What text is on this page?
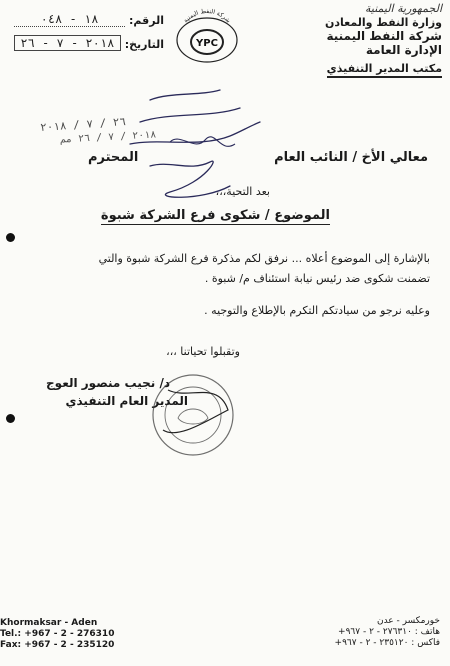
الجمهورية اليمنية
وزارة النفط والمعادن
شركة النفط اليمنية
الإدارة العامة
مكتب المدير التنفيذي
YPC
شركة النفط اليمنية
الرقم:
١٨ - ٠٤٨
التاريخ:
٢٠١٨ - ٧ - ٢٦
٢٦ / ٧ / ٢٠١٨
٢٠١٨ / ٧ / ٢٦ مم
معالي الأخ / النائب العام
المحترم
بعد التحية،،،
الموضوع / شكوى فرع الشركة شبوة
بالإشارة إلى الموضوع أعلاه ... نرفق لكم مذكرة فرع الشركة شبوة والتي
تضمنت شكوى ضد رئيس نيابة استئناف م/ شبوة .
وعليه نرجو من سيادتكم التكرم بالإطلاع والتوجيه .
وتقبلوا تحياتنا ،،،
د/ نجيب منصور العوج
المدير العام التنفيذي
Khormaksar - Aden
Tel.: +967 - 2 - 276310
Fax: +967 - 2 - 235120
خورمكسر - عدن
هاتف : ٢٧٦٣١٠ - ٢ - ٩٦٧+
فاكس : ٢٣٥١٢٠ - ٢ - ٩٦٧+
